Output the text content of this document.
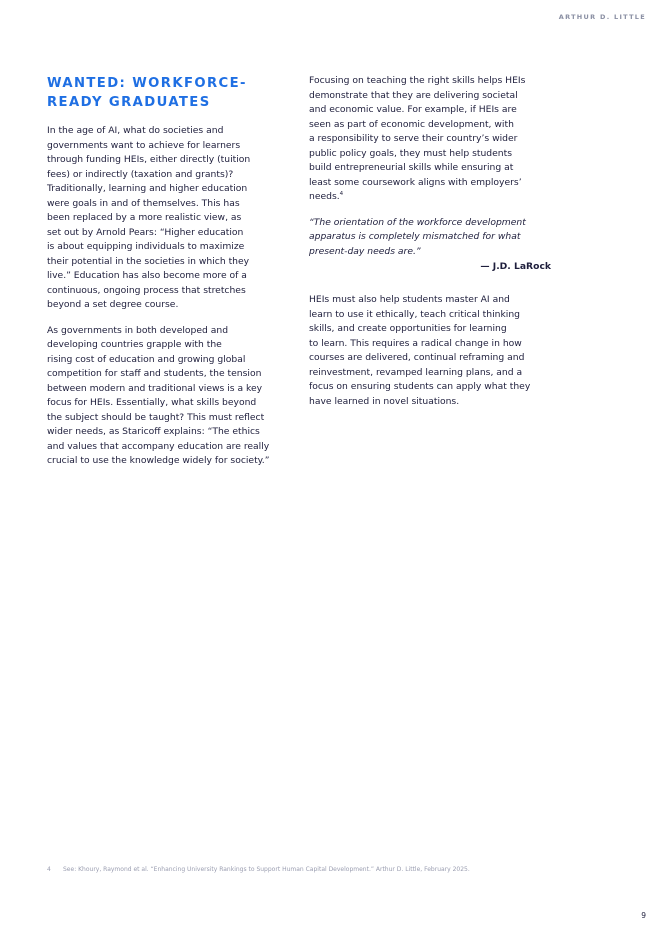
ARTHUR D. LITTLE
WANTED: WORKFORCE-
READY GRADUATES

In the age of AI, what do societies and
governments want to achieve for learners
through funding HEIs, either directly (tuition
fees) or indirectly (taxation and grants)?
Traditionally, learning and higher education
were goals in and of themselves. This has
been replaced by a more realistic view, as
set out by Arnold Pears: “Higher education
is about equipping individuals to maximize
their potential in the societies in which they
live.” Education has also become more of a
continuous, ongoing process that stretches
beyond a set degree course.

As governments in both developed and
developing countries grapple with the
rising cost of education and growing global
competition for staff and students, the tension
between modern and traditional views is a key
focus for HEIs. Essentially, what skills beyond
the subject should be taught? This must reflect
wider needs, as Staricoff explains: “The ethics
and values that accompany education are really
crucial to use the knowledge widely for society.”

Focusing on teaching the right skills helps HEIs
demonstrate that they are delivering societal
and economic value. For example, if HEIs are
seen as part of economic development, with
a responsibility to serve their country’s wider
public policy goals, they must help students
build entrepreneurial skills while ensuring at
least some coursework aligns with employers’
needs.$^4$

“The orientation of the workforce development
apparatus is completely mismatched for what
present-day needs are.”
— J.D. LaRock

HEIs must also help students master AI and
learn to use it ethically, teach critical thinking
skills, and create opportunities for learning
to learn. This requires a radical change in how
courses are delivered, continual reframing and
reinvestment, revamped learning plans, and a
focus on ensuring students can apply what they
have learned in novel situations.

4 See: Khoury, Raymond et al. “Enhancing University Rankings to Support Human Capital Development.” Arthur D. Little, February 2025.
9
